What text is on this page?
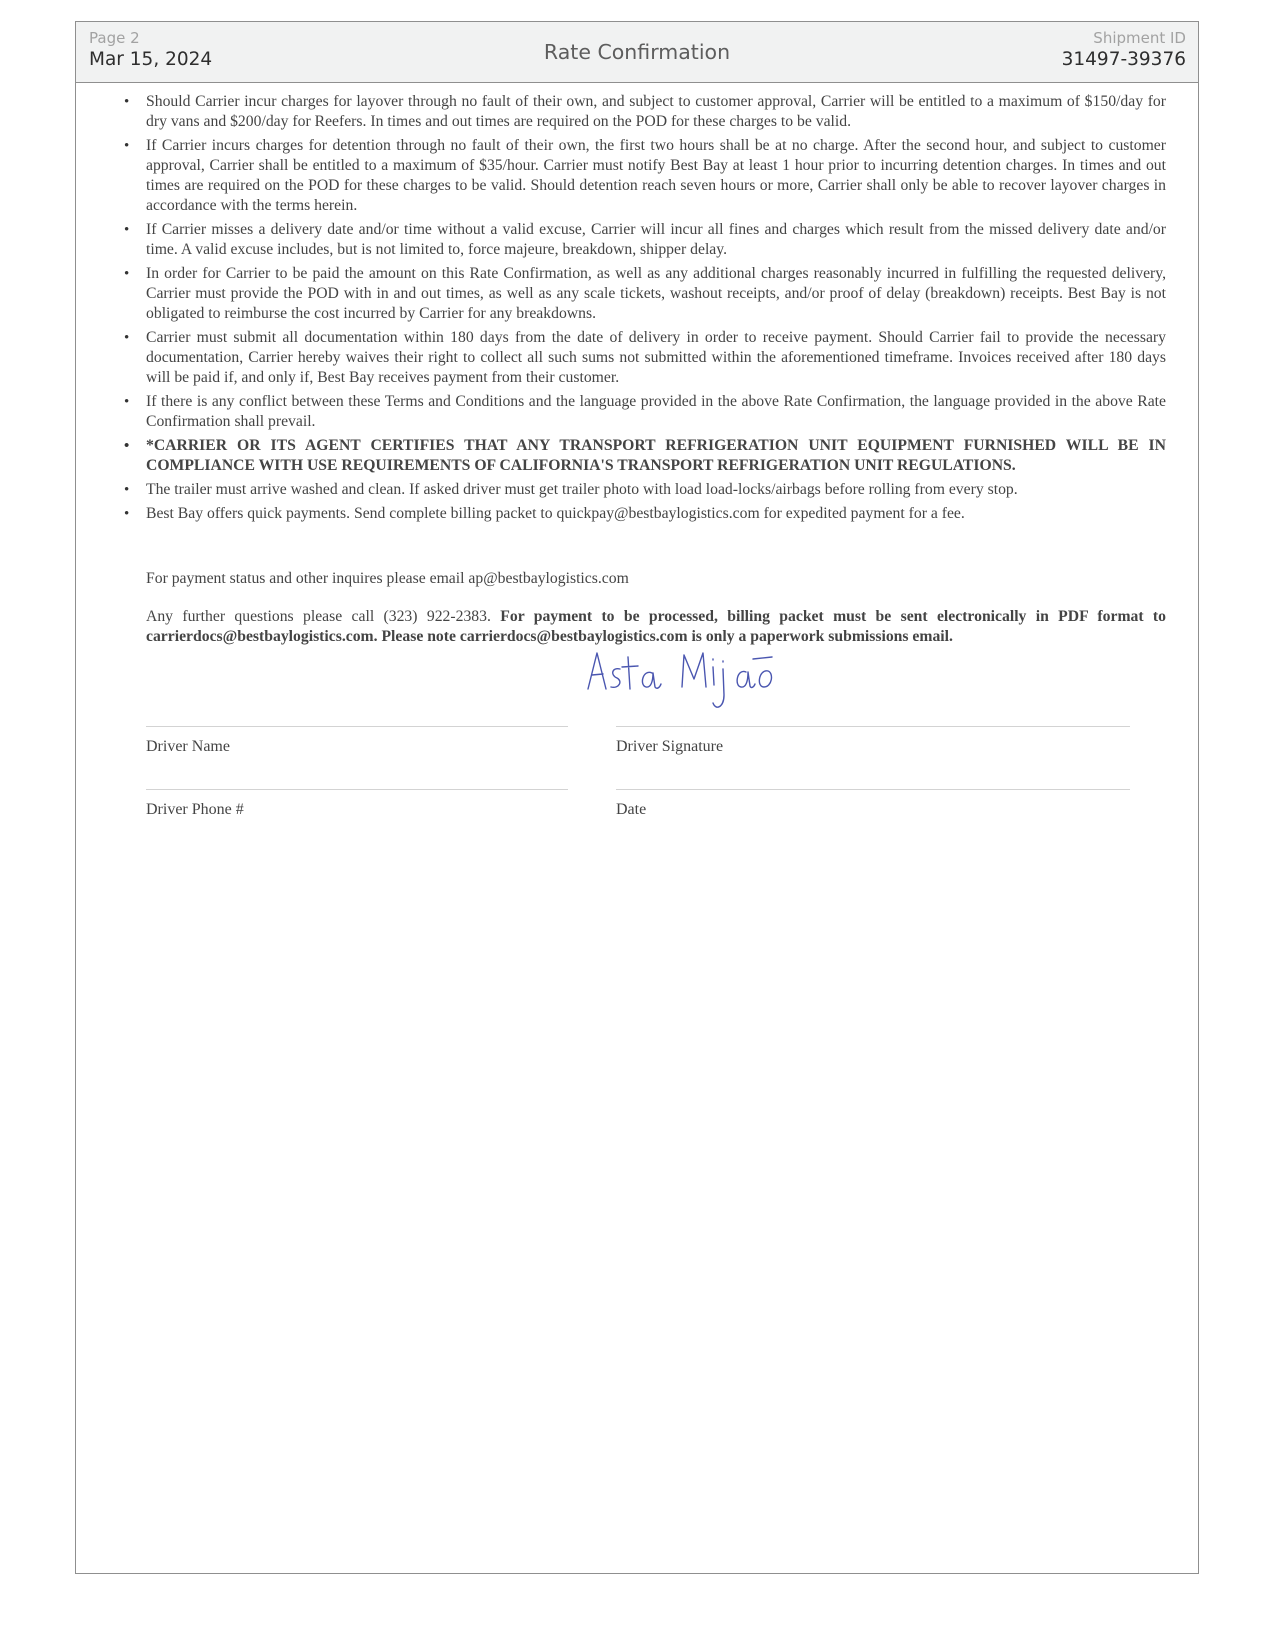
Page 2
Mar 15, 2024	Rate Confirmation
Shipment ID
31497-39376
• Should Carrier incur charges for layover through no fault of their own, and subject to customer approval, Carrier will be entitled to a maximum of $150/day for dry vans and $200/day for Reefers. In times and out times are required on the POD for these charges to be valid.
• If Carrier incurs charges for detention through no fault of their own, the first two hours shall be at no charge. After the second hour, and subject to customer approval, Carrier shall be entitled to a maximum of $35/hour. Carrier must notify Best Bay at least 1 hour prior to incurring detention charges. In times and out times are required on the POD for these charges to be valid. Should detention reach seven hours or more, Carrier shall only be able to recover layover charges in accordance with the terms herein.
• If Carrier misses a delivery date and/or time without a valid excuse, Carrier will incur all fines and charges which result from the missed delivery date and/or time. A valid excuse includes, but is not limited to, force majeure, breakdown, shipper delay.
• In order for Carrier to be paid the amount on this Rate Confirmation, as well as any additional charges reasonably incurred in fulfilling the requested delivery, Carrier must provide the POD with in and out times, as well as any scale tickets, washout receipts, and/or proof of delay (breakdown) receipts. Best Bay is not obligated to reimburse the cost incurred by Carrier for any breakdowns.
• Carrier must submit all documentation within 180 days from the date of delivery in order to receive payment. Should Carrier fail to provide the necessary documentation, Carrier hereby waives their right to collect all such sums not submitted within the aforementioned timeframe. Invoices received after 180 days will be paid if, and only if, Best Bay receives payment from their customer.
• If there is any conflict between these Terms and Conditions and the language provided in the above Rate Confirmation, the language provided in the above Rate Confirmation shall prevail.
• *CARRIER OR ITS AGENT CERTIFIES THAT ANY TRANSPORT REFRIGERATION UNIT EQUIPMENT FURNISHED WILL BE IN COMPLIANCE WITH USE REQUIREMENTS OF CALIFORNIA'S TRANSPORT REFRIGERATION UNIT REGULATIONS.
• The trailer must arrive washed and clean. If asked driver must get trailer photo with load load-locks/airbags before rolling from every stop.
• Best Bay offers quick payments. Send complete billing packet to quickpay@bestbaylogistics.com for expedited payment for a fee.

For payment status and other inquires please email ap@bestbaylogistics.com

Any further questions please call (323) 922-2383. For payment to be processed, billing packet must be sent electronically in PDF format to carrierdocs@bestbaylogistics.com. Please note carrierdocs@bestbaylogistics.com is only a paperwork submissions email.

Driver Name	Driver Signature
Driver Phone #	Date
